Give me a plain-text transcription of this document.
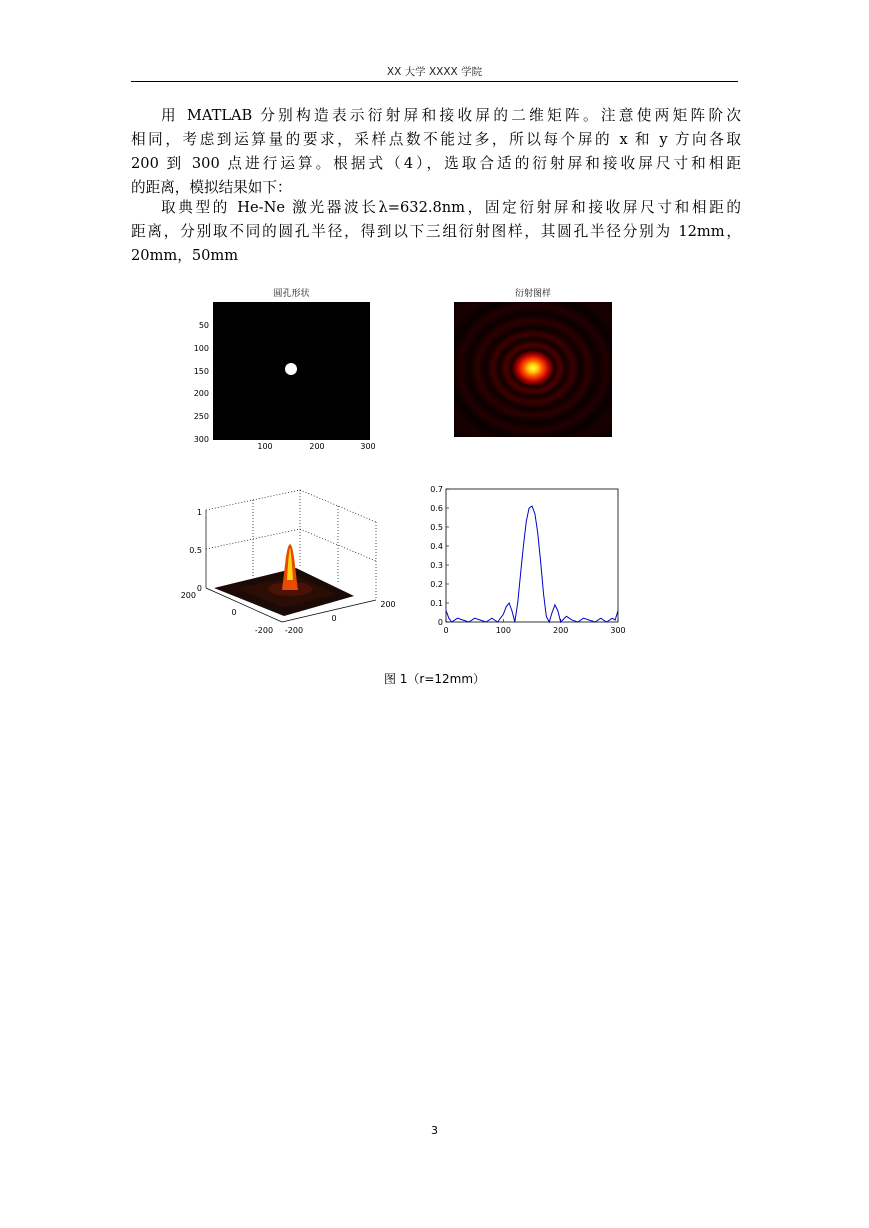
XX 大学 XXXX 学院
用 MATLAB 分别构造表示衍射屏和接收屏的二维矩阵。注意使两矩阵阶次
相同，考虑到运算量的要求，采样点数不能过多，所以每个屏的 x 和 y 方向各取
200 到 300 点进行运算。根据式（4），选取合适的衍射屏和接收屏尺寸和相距
的距离，模拟结果如下：
取典型的 He-Ne 激光器波长λ=632.8nm，固定衍射屏和接收屏尺寸和相距的
距离，分别取不同的圆孔半径，得到以下三组衍射图样，其圆孔半径分别为 12mm，
20mm，50mm
圆孔形状
50
100
150
200
250
300
100	200	300
衍射图样
1
0.5
0
200
0
-200 -200
0
200
0
0.1
0.2
0.3
0.4
0.5
0.6
0.7
0	100	200	300
图 1（r=12mm）
3
